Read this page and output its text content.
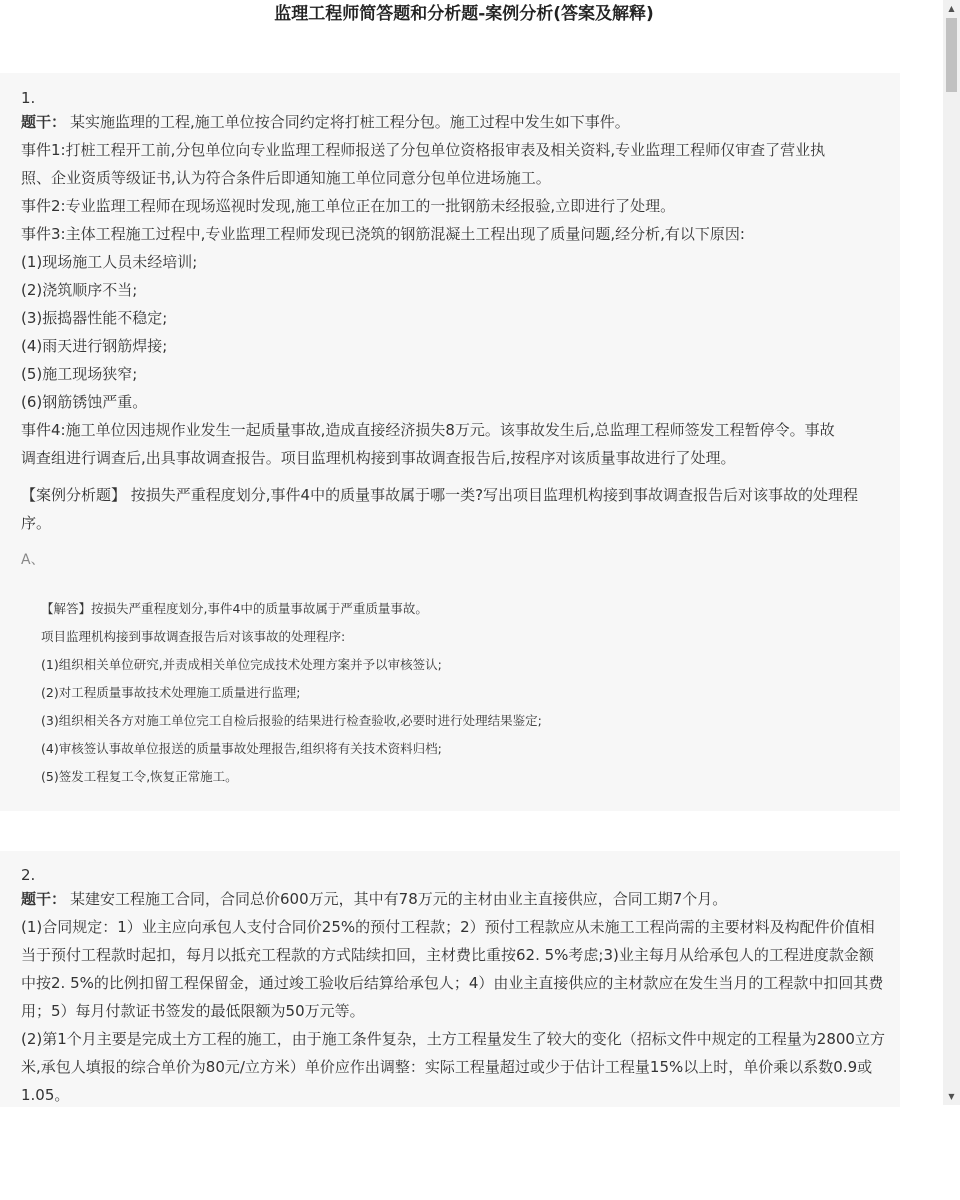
监理工程师简答题和分析题-案例分析(答案及解释)

1.

题干： 某实施监理的工程,施工单位按合同约定将打桩工程分包。施工过程中发生如下事件。

事件1:打桩工程开工前,分包单位向专业监理工程师报送了分包单位资格报审表及相关资料,专业监理工程师仅审查了营业执

照、企业资质等级证书,认为符合条件后即通知施工单位同意分包单位进场施工。

事件2:专业监理工程师在现场巡视时发现,施工单位正在加工的一批钢筋未经报验,立即进行了处理。

事件3:主体工程施工过程中,专业监理工程师发现已浇筑的钢筋混凝土工程出现了质量问题,经分析,有以下原因:

(1)现场施工人员未经培训;

(2)浇筑顺序不当;

(3)振捣器性能不稳定;

(4)雨天进行钢筋焊接;

(5)施工现场狭窄;

(6)钢筋锈蚀严重。

事件4:施工单位因违规作业发生一起质量事故,造成直接经济损失8万元。该事故发生后,总监理工程师签发工程暂停令。事故

调查组进行调查后,出具事故调查报告。项目监理机构接到事故调查报告后,按程序对该质量事故进行了处理。

【案例分析题】 按损失严重程度划分,事件4中的质量事故属于哪一类?写出项目监理机构接到事故调查报告后对该事故的处理程序。

A、

【解答】按损失严重程度划分,事件4中的质量事故属于严重质量事故。

项目监理机构接到事故调查报告后对该事故的处理程序:

(1)组织相关单位研究,并责成相关单位完成技术处理方案并予以审核签认;

(2)对工程质量事故技术处理施工质量进行监理;

(3)组织相关各方对施工单位完工自检后报验的结果进行检查验收,必要时进行处理结果鉴定;

(4)审核签认事故单位报送的质量事故处理报告,组织将有关技术资料归档;

(5)签发工程复工令,恢复正常施工。

2.

题干： 某建安工程施工合同，合同总价600万元，其中有78万元的主材由业主直接供应，合同工期7个月。

(1)合同规定：1）业主应向承包人支付合同价25%的预付工程款；2）预付工程款应从未施工工程尚需的主要材料及构配件价值相当于预付工程款时起扣，每月以抵充工程款的方式陆续扣回，主材费比重按62. 5%考虑;3)业主每月从给承包人的工程进度款金额中按2. 5%的比例扣留工程保留金，通过竣工验收后结算给承包人；4）由业主直接供应的主材款应在发生当月的工程款中扣回其费用；5）每月付款证书签发的最低限额为50万元等。

(2)第1个月主要是完成土方工程的施工，由于施工条件复杂，土方工程量发生了较大的变化（招标文件中规定的工程量为2800立方米,承包人填报的综合单价为80元/立方米）单价应作出调整：实际工程量超过或少于估计工程量15%以上时，单价乘以系数0.9或1.05。

▲
▼
